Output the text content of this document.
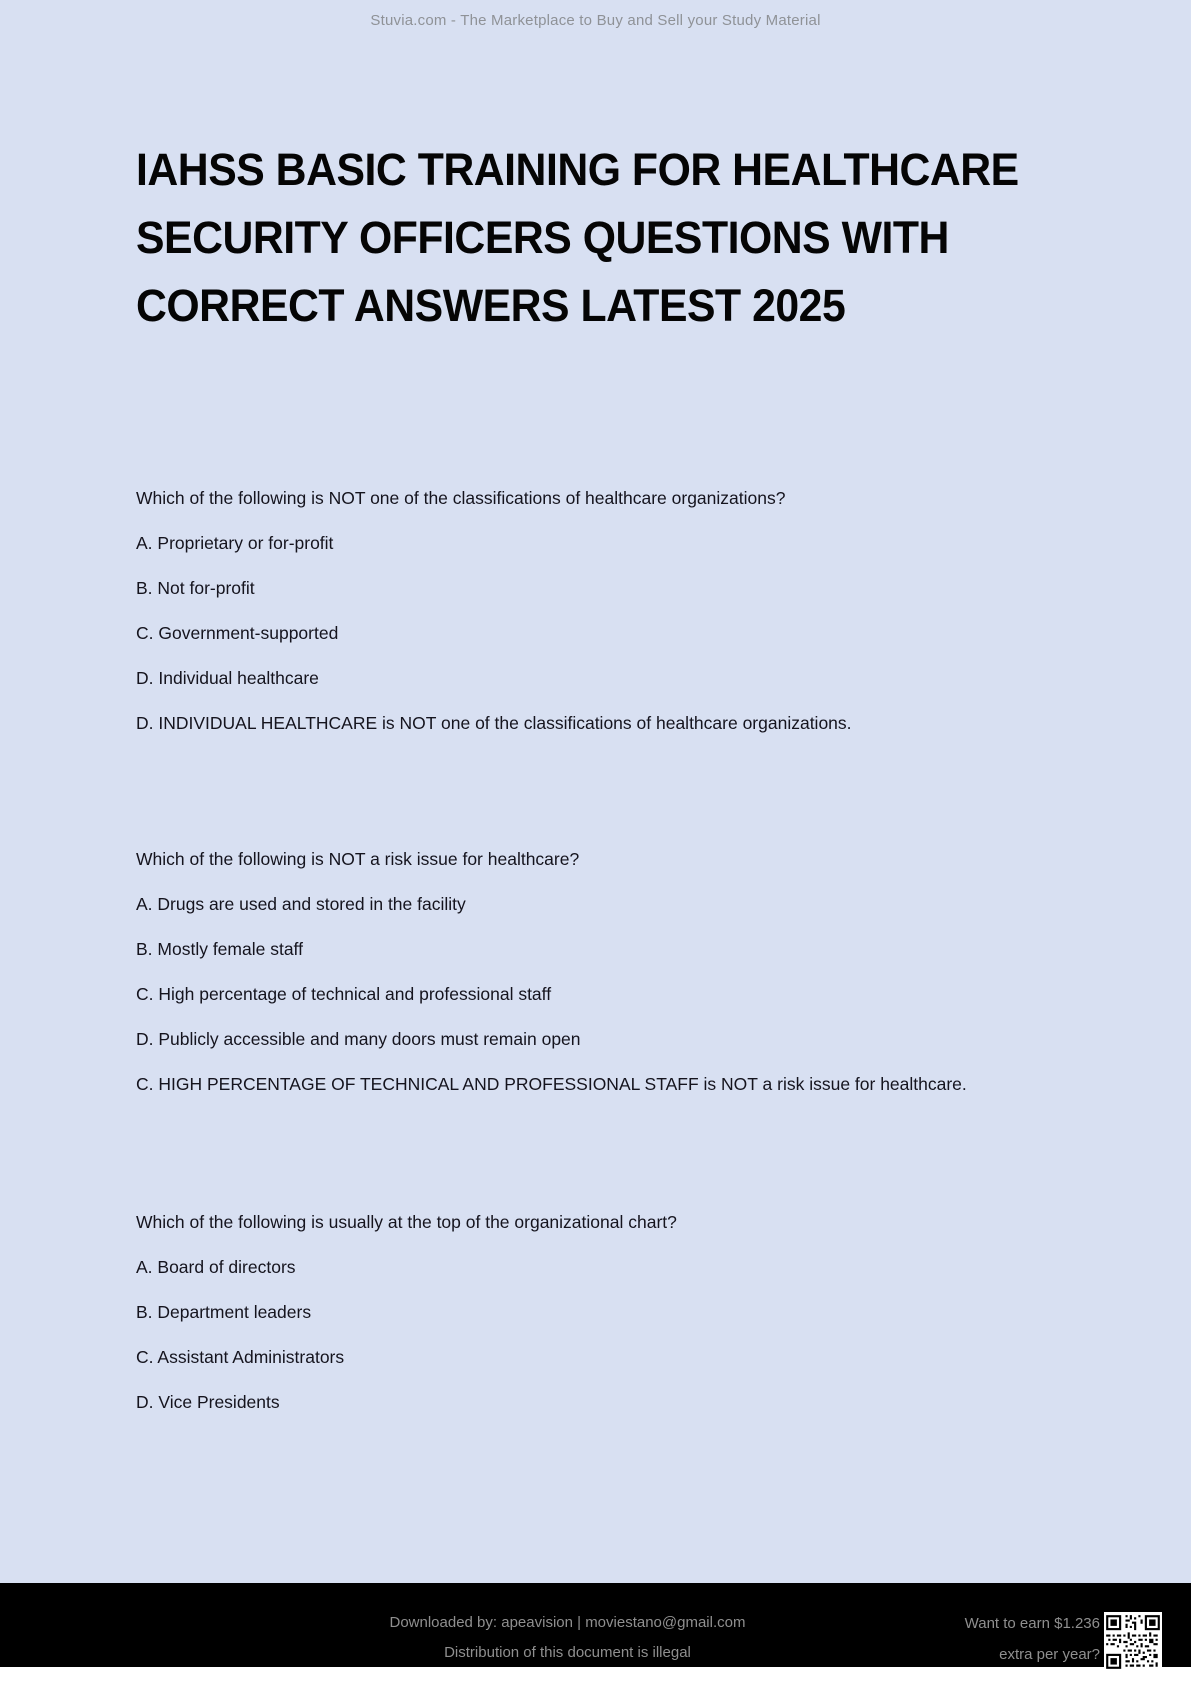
Stuvia.com - The Marketplace to Buy and Sell your Study Material
IAHSS BASIC TRAINING FOR HEALTHCARE
SECURITY OFFICERS QUESTIONS WITH
CORRECT ANSWERS LATEST 2025
Which of the following is NOT one of the classifications of healthcare organizations?
A. Proprietary or for-profit
B. Not for-profit
C. Government-supported
D. Individual healthcare
D. INDIVIDUAL HEALTHCARE is NOT one of the classifications of healthcare organizations.
Which of the following is NOT a risk issue for healthcare?
A. Drugs are used and stored in the facility
B. Mostly female staff
C. High percentage of technical and professional staff
D. Publicly accessible and many doors must remain open
C. HIGH PERCENTAGE OF TECHNICAL AND PROFESSIONAL STAFF is NOT a risk issue for healthcare.
Which of the following is usually at the top of the organizational chart?
A. Board of directors
B. Department leaders
C. Assistant Administrators
D. Vice Presidents
Downloaded by: apeavision | moviestano@gmail.com
Distribution of this document is illegal
Want to earn $1.236
extra per year?
